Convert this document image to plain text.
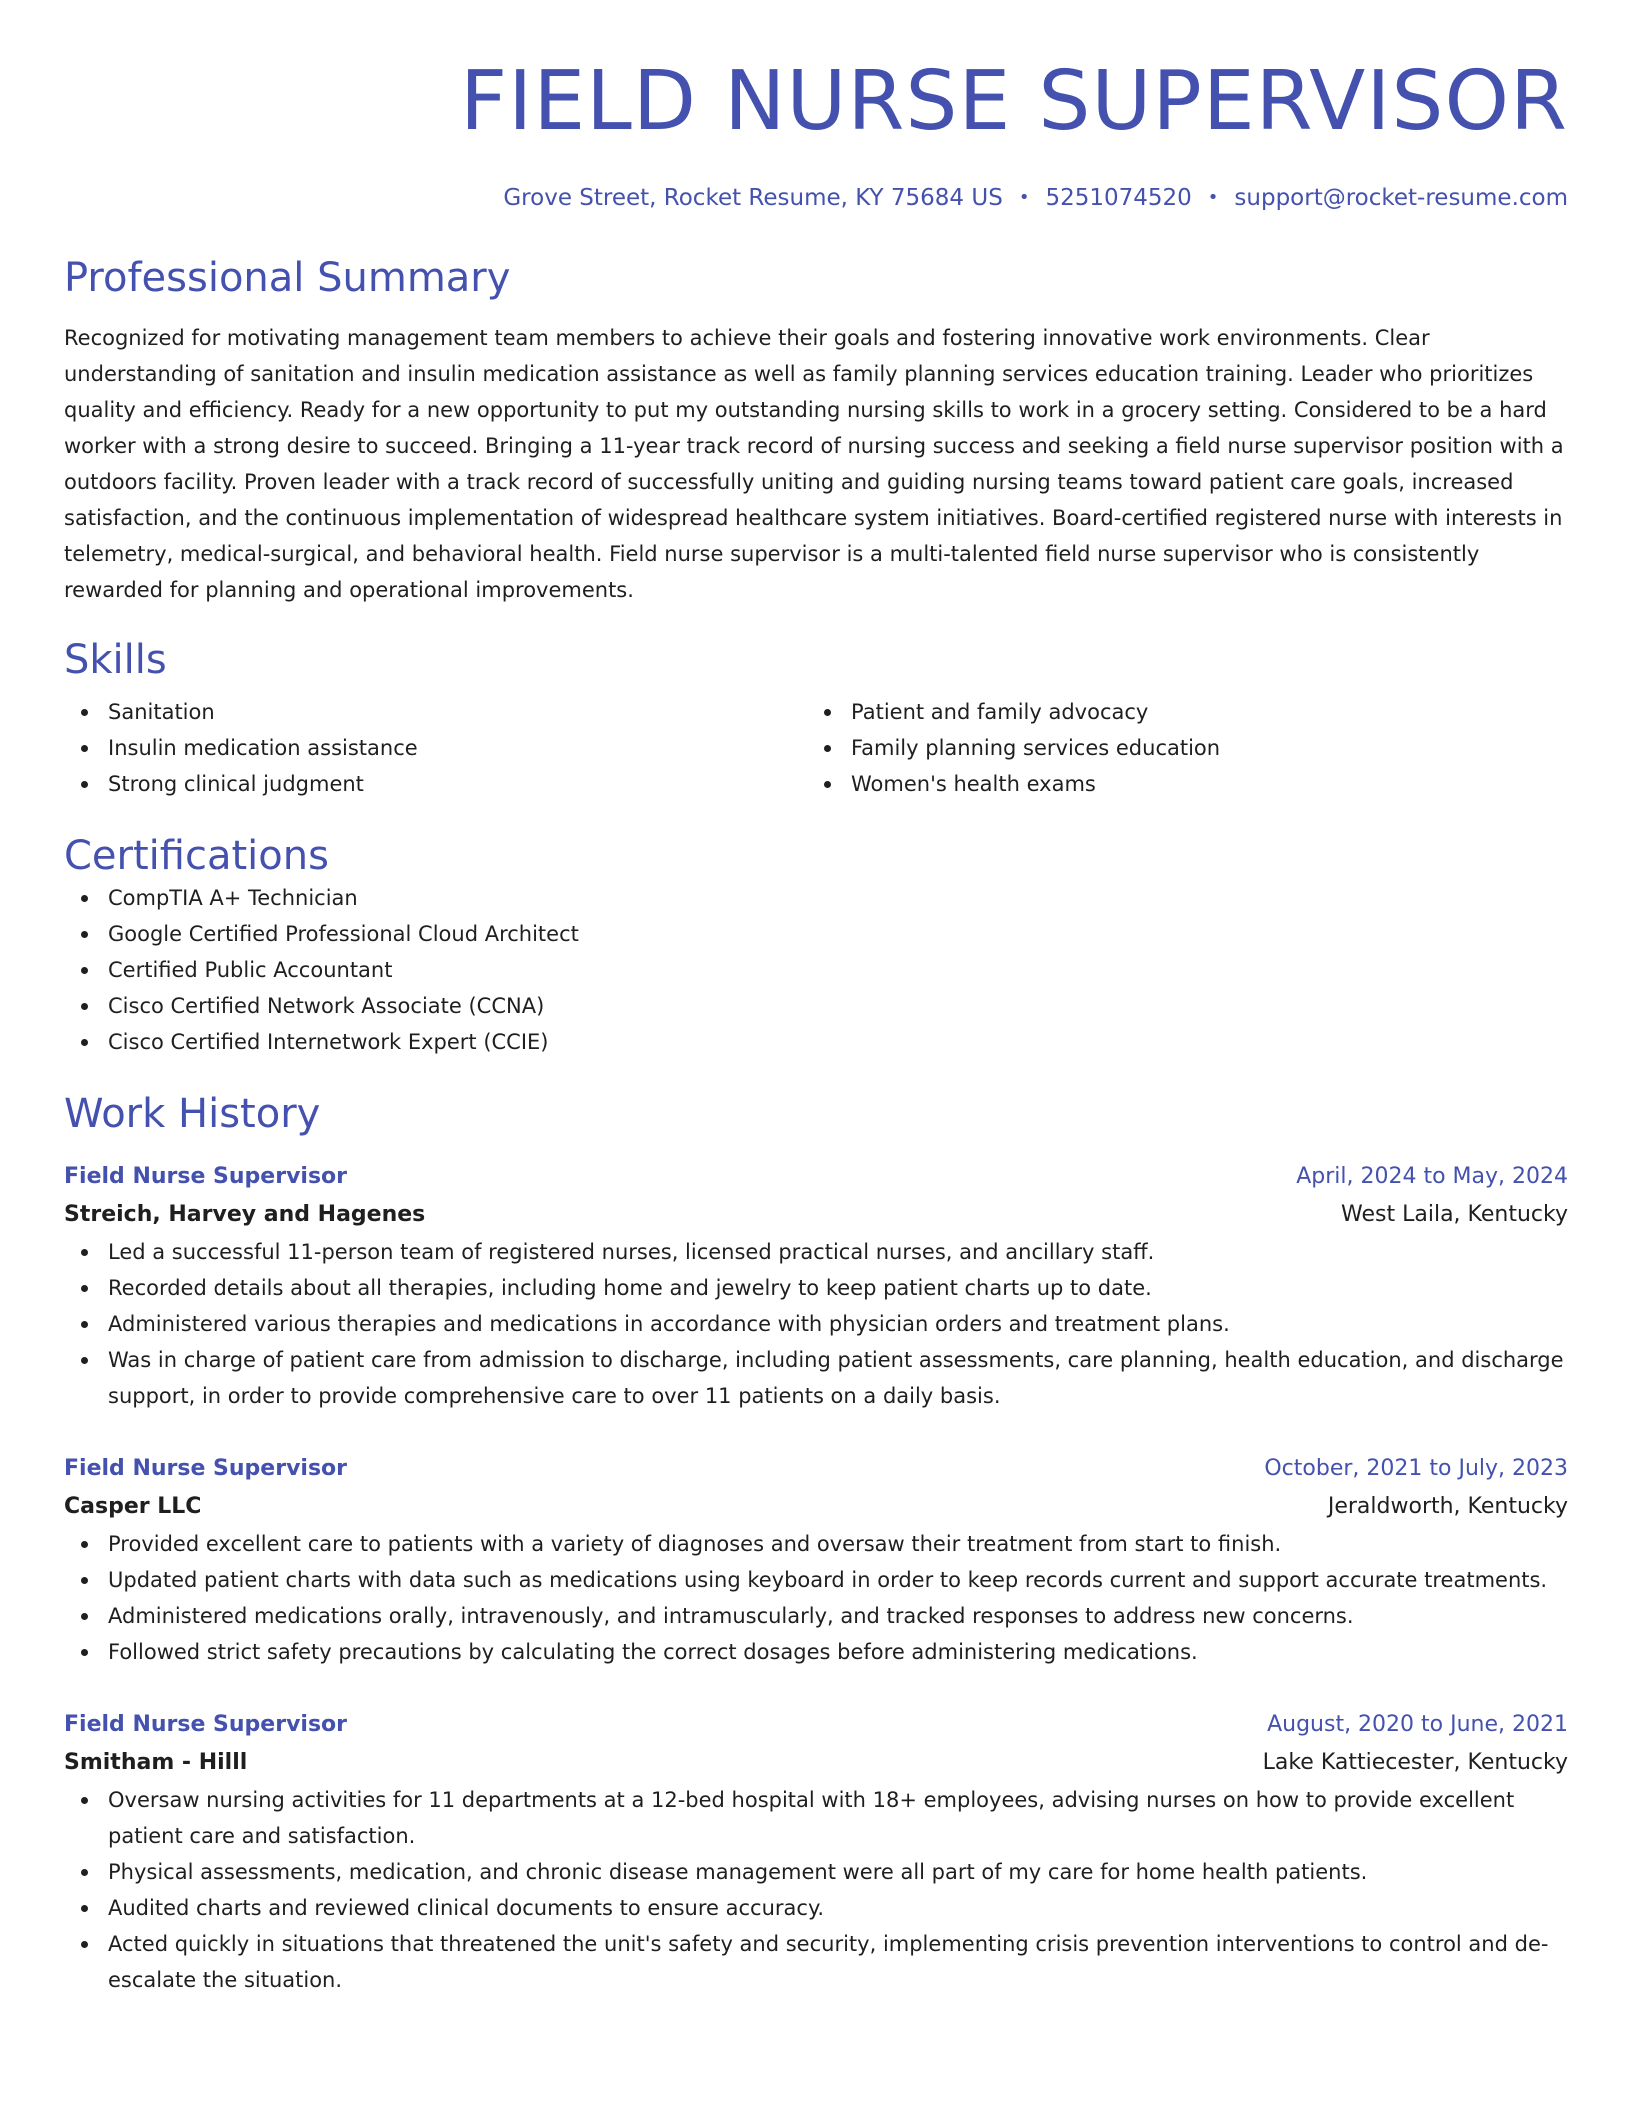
FIELD NURSE SUPERVISOR
Grove Street, Rocket Resume, KY 75684 US • 5251074520 • support@rocket-resume.com
Professional Summary
Recognized for motivating management team members to achieve their goals and fostering innovative work environments. Clear understanding of sanitation and insulin medication assistance as well as family planning services education training. Leader who prioritizes quality and efficiency. Ready for a new opportunity to put my outstanding nursing skills to work in a grocery setting. Considered to be a hard worker with a strong desire to succeed. Bringing a 11-year track record of nursing success and seeking a field nurse supervisor position with a outdoors facility. Proven leader with a track record of successfully uniting and guiding nursing teams toward patient care goals, increased satisfaction, and the continuous implementation of widespread healthcare system initiatives. Board-certified registered nurse with interests in telemetry, medical-surgical, and behavioral health. Field nurse supervisor is a multi-talented field nurse supervisor who is consistently rewarded for planning and operational improvements.
Skills
Sanitation
Insulin medication assistance
Strong clinical judgment
Patient and family advocacy
Family planning services education
Women's health exams
Certifications
CompTIA A+ Technician
Google Certified Professional Cloud Architect
Certified Public Accountant
Cisco Certified Network Associate (CCNA)
Cisco Certified Internetwork Expert (CCIE)
Work History
Field Nurse Supervisor	April, 2024 to May, 2024
Streich, Harvey and Hagenes	West Laila, Kentucky
Led a successful 11-person team of registered nurses, licensed practical nurses, and ancillary staff.
Recorded details about all therapies, including home and jewelry to keep patient charts up to date.
Administered various therapies and medications in accordance with physician orders and treatment plans.
Was in charge of patient care from admission to discharge, including patient assessments, care planning, health education, and discharge support, in order to provide comprehensive care to over 11 patients on a daily basis.
Field Nurse Supervisor	October, 2021 to July, 2023
Casper LLC	Jeraldworth, Kentucky
Provided excellent care to patients with a variety of diagnoses and oversaw their treatment from start to finish.
Updated patient charts with data such as medications using keyboard in order to keep records current and support accurate treatments.
Administered medications orally, intravenously, and intramuscularly, and tracked responses to address new concerns.
Followed strict safety precautions by calculating the correct dosages before administering medications.
Field Nurse Supervisor	August, 2020 to June, 2021
Smitham - Hilll	Lake Kattiecester, Kentucky
Oversaw nursing activities for 11 departments at a 12-bed hospital with 18+ employees, advising nurses on how to provide excellent patient care and satisfaction.
Physical assessments, medication, and chronic disease management were all part of my care for home health patients.
Audited charts and reviewed clinical documents to ensure accuracy.
Acted quickly in situations that threatened the unit's safety and security, implementing crisis prevention interventions to control and de-escalate the situation.
